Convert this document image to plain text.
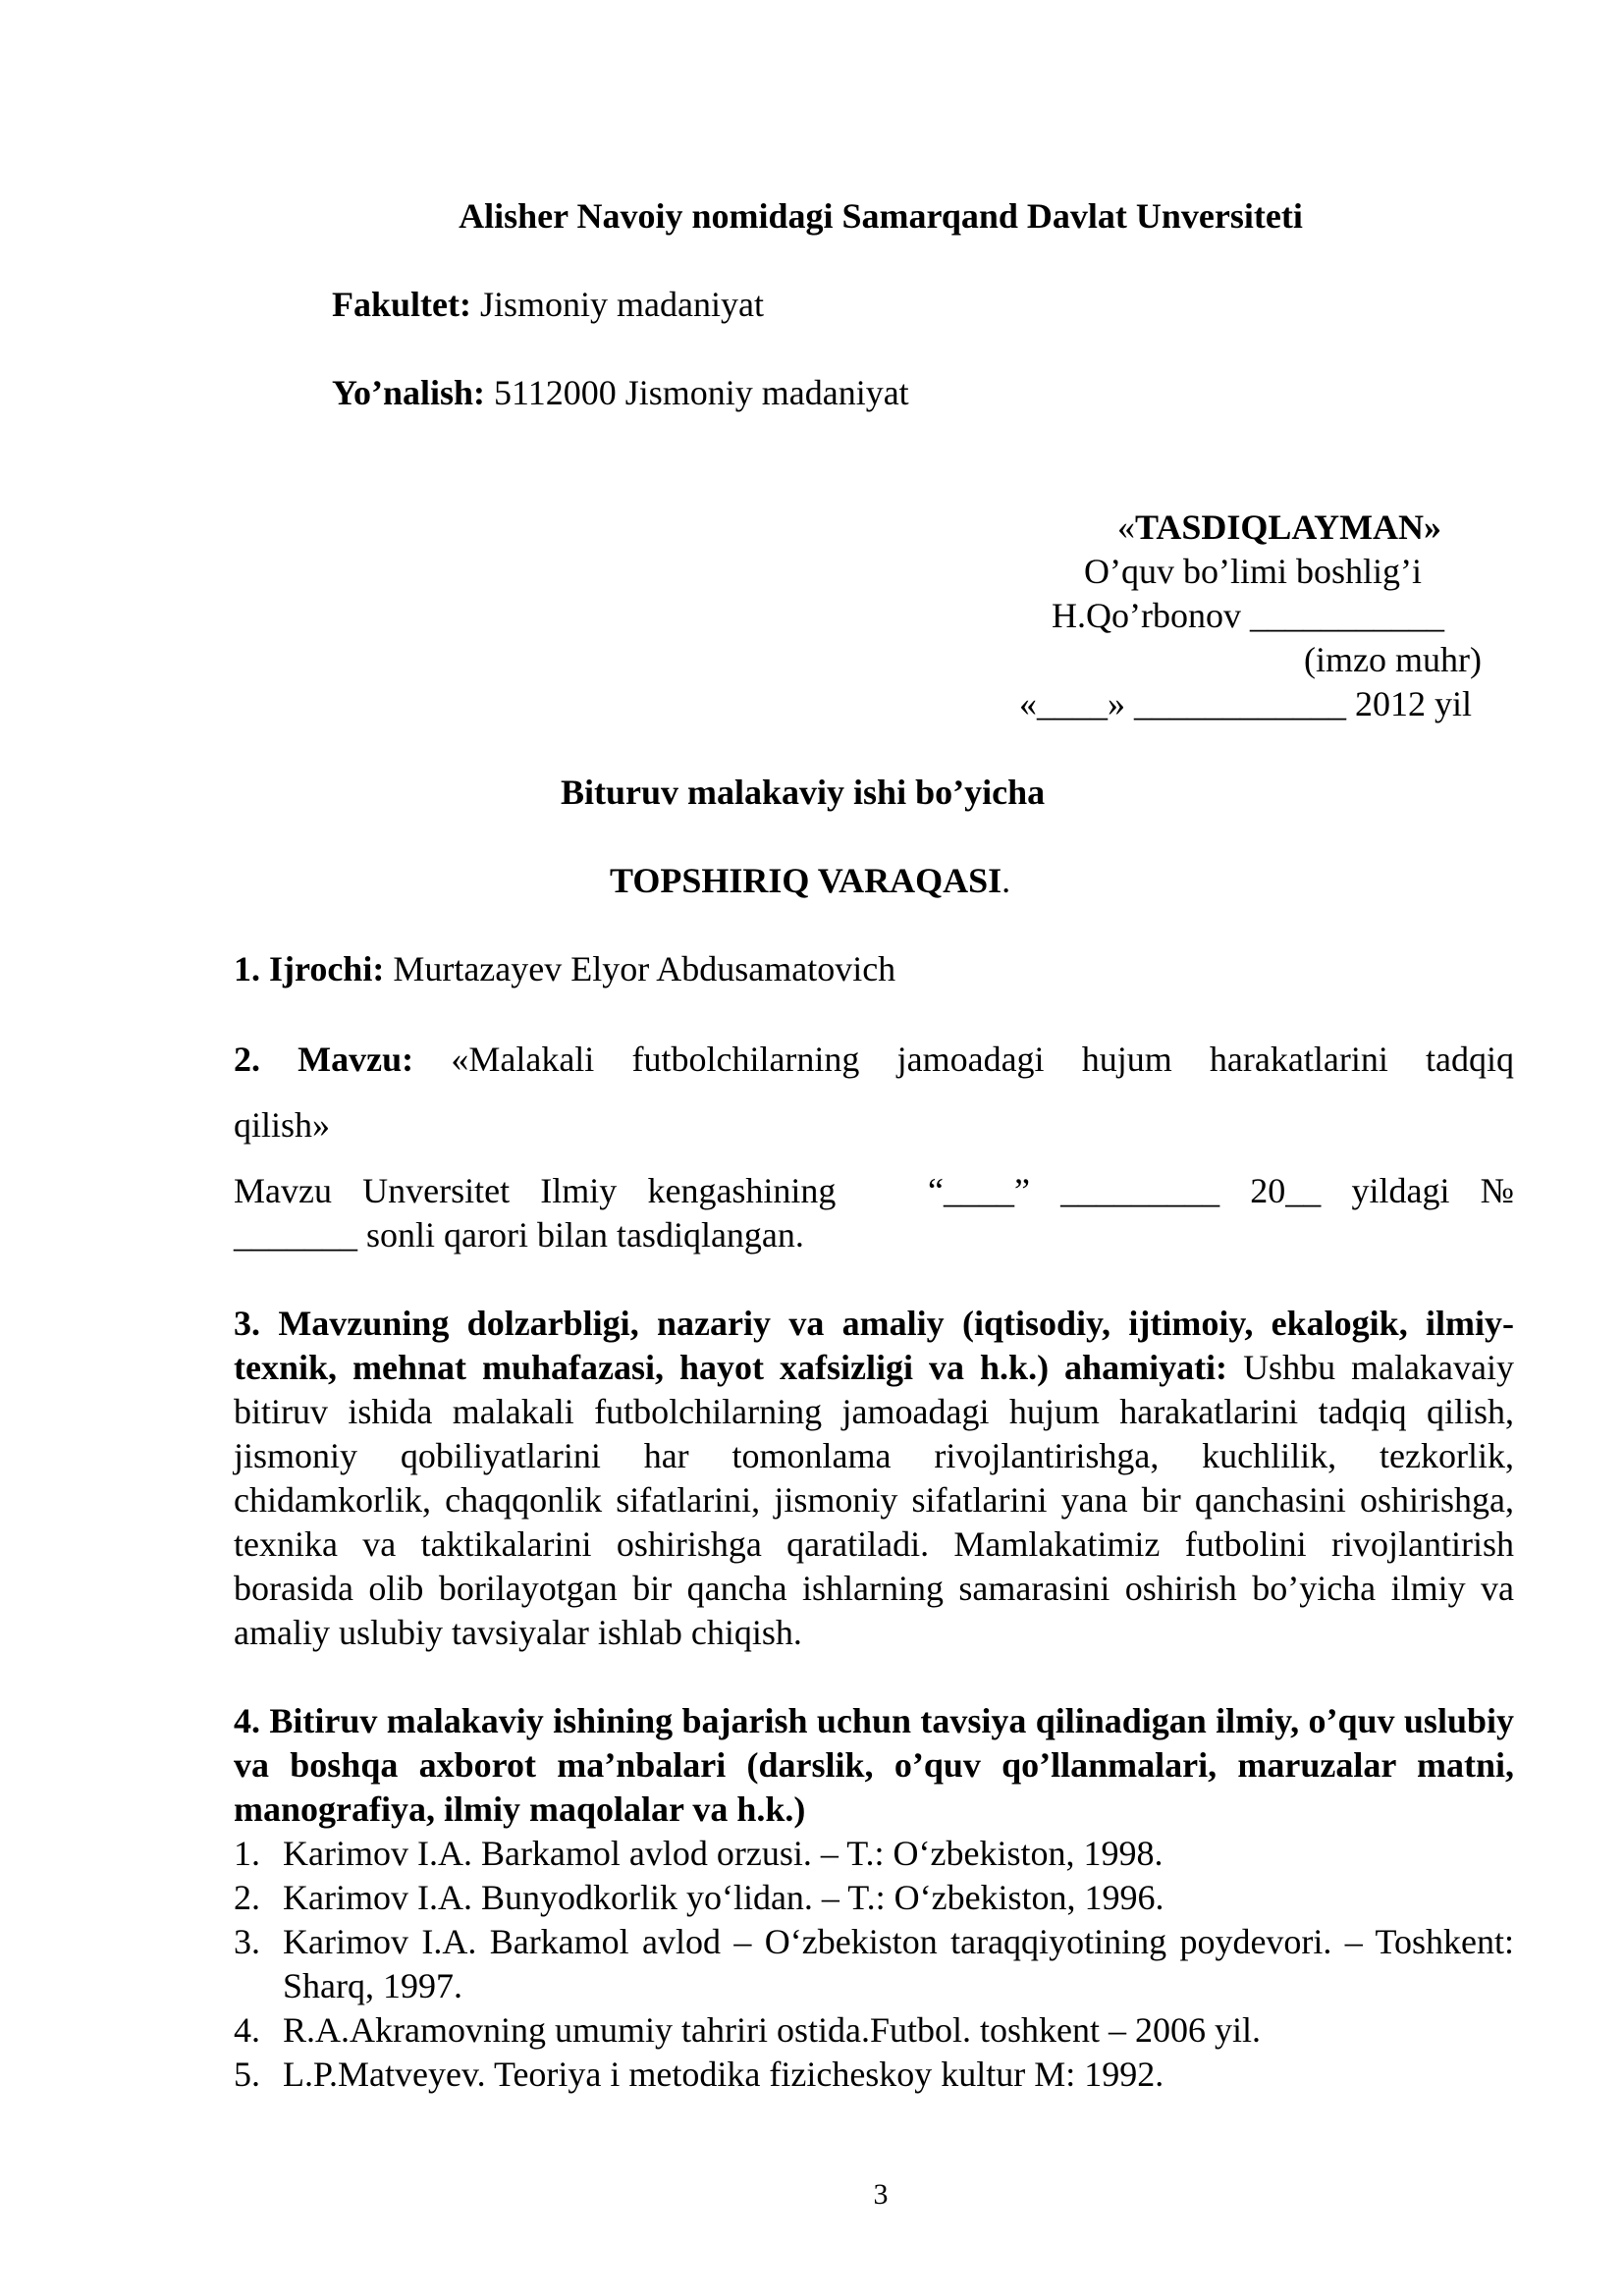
Alisher Navoiy nomidagi Samarqand Davlat Unversiteti
Fakultet: Jismoniy madaniyat
Yo’nalish: 5112000 Jismoniy madaniyat
«TASDIQLAYMAN»
O’quv bo’limi boshlig’i
H.Qo’rbonov ___________
(imzo muhr)
«____» ____________ 2012 yil
Bituruv malakaviy ishi bo’yicha
TOPSHIRIQ VARAQASI.
1. Ijrochi: Murtazayev Elyor Abdusamatovich
2. Mavzu: «Malakali futbolchilarning jamoadagi hujum harakatlarini tadqiq
qilish»
Mavzu Unversitet Ilmiy kengashining   “____” _________ 20__ yildagi №
_______ sonli qarori bilan tasdiqlangan.
3. Mavzuning dolzarbligi, nazariy va amaliy (iqtisodiy, ijtimoiy, ekalogik, ilmiy-texnik, mehnat muhafazasi, hayot xafsizligi va h.k.) ahamiyati: Ushbu malakavaiy bitiruv ishida malakali futbolchilarning jamoadagi hujum harakatlarini tadqiq qilish, jismoniy qobiliyatlarini har tomonlama rivojlantirishga, kuchlilik, tezkorlik, chidamkorlik, chaqqonlik sifatlarini, jismoniy sifatlarini yana bir qanchasini oshirishga, texnika va taktikalarini oshirishga qaratiladi. Mamlakatimiz futbolini rivojlantirish borasida olib borilayotgan bir qancha ishlarning samarasini oshirish bo’yicha ilmiy va amaliy uslubiy tavsiyalar ishlab chiqish.
4. Bitiruv malakaviy ishining bajarish uchun tavsiya qilinadigan ilmiy, o’quv uslubiy va boshqa axborot ma’nbalari (darslik, o’quv qo’llanmalari, maruzalar matni, manografiya, ilmiy maqolalar va h.k.)
1. Karimov I.A. Barkamol avlod orzusi. – T.: O‘zbekiston, 1998.
2. Karimov I.A. Bunyodkorlik yo‘lidan. – T.: O‘zbekiston, 1996.
3. Karimov I.A. Barkamol avlod – O‘zbekiston taraqqiyotining poydevori. – Toshkent: Sharq, 1997.
4. R.A.Akramovning umumiy tahriri ostida.Futbol. toshkent – 2006 yil.
5. L.P.Matveyev. Teoriya i metodika fizicheskoy kultur M: 1992.
3
